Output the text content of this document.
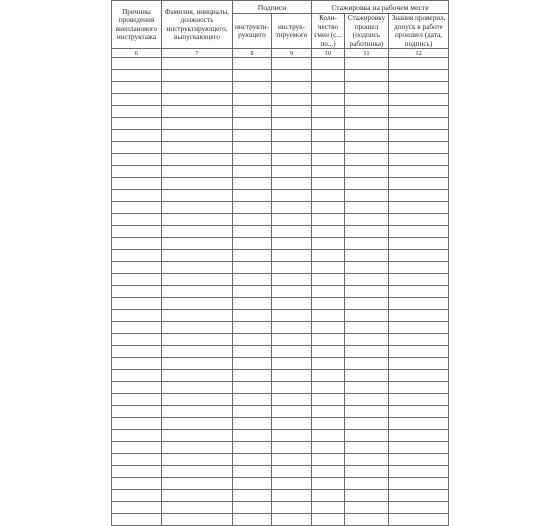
Причины проведения внепланового инструктажа	Фамилия, инициалы, должность инструктирующего, выпускающего	Подписи		Стажировка на рабочем месте		
		инструкти-рующего	инструк-тируемого	Коли-чество смен (с... по...)	Стажировку прошел (подпись работника)	Знания проверил, допуск к работе произвел (дата, подпись)
6	7	8	9	10	11	12
